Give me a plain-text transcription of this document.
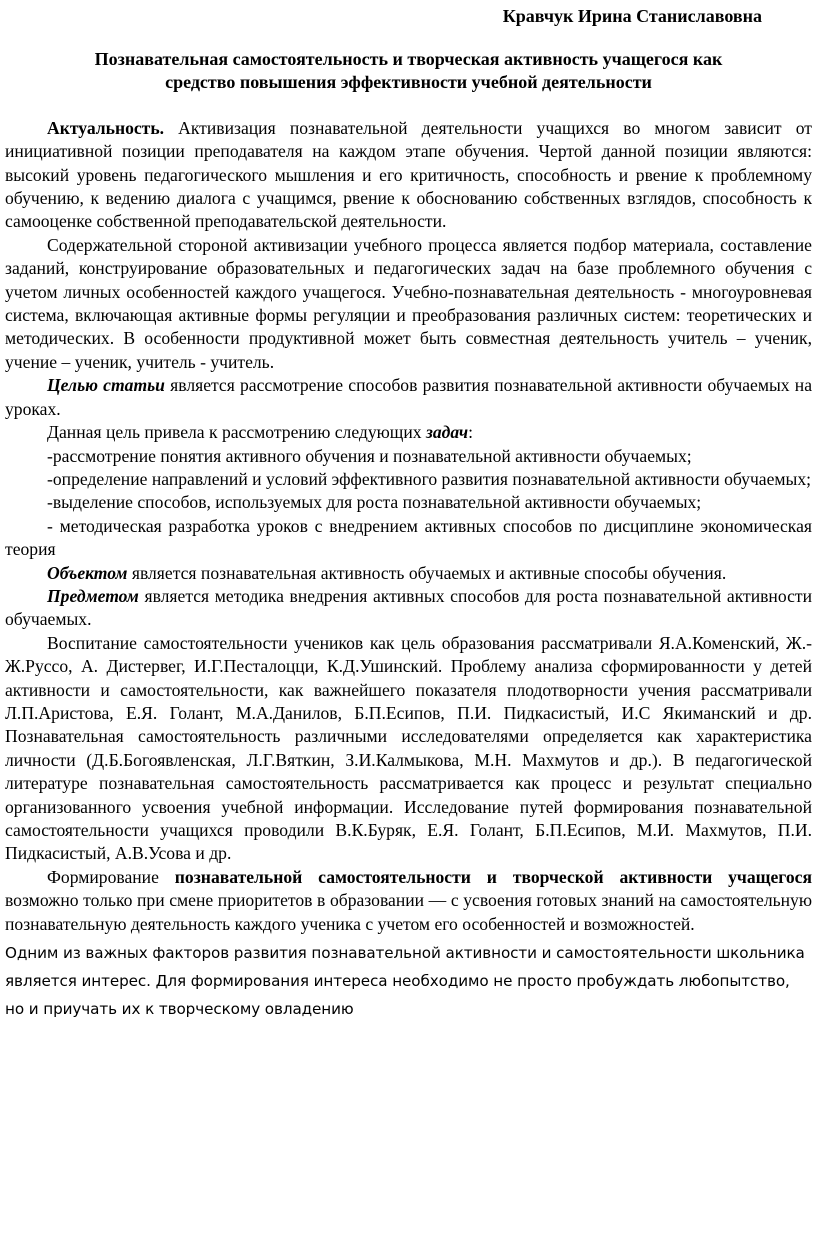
Кравчук Ирина Станиславовна
Познавательная самостоятельность и творческая активность учащегося как
средство повышения эффективности учебной деятельности

Актуальность. Активизация познавательной деятельности учащихся во многом зависит от инициативной позиции преподавателя на каждом этапе обучения. Чертой данной позиции являются: высокий уровень педагогического мышления и его критичность, способность и рвение к проблемному обучению, к ведению диалога с учащимся, рвение к обоснованию собственных взглядов, способность к самооценке собственной преподавательской деятельности.

Содержательной стороной активизации учебного процесса является подбор материала, составление заданий, конструирование образовательных и педагогических задач на базе проблемного обучения с учетом личных особенностей каждого учащегося. Учебно-познавательная деятельность - многоуровневая система, включающая активные формы регуляции и преобразования различных систем: теоретических и методических. В особенности продуктивной может быть совместная деятельность учитель – ученик, учение – ученик, учитель - учитель.

Целью статьи является рассмотрение способов развития познавательной активности обучаемых на уроках.

Данная цель привела к рассмотрению следующих задач:

-рассмотрение понятия активного обучения и познавательной активности обучаемых;

-определение направлений и условий эффективного развития познавательной активности обучаемых;

-выделение способов, используемых для роста познавательной активности обучаемых;

- методическая разработка уроков с внедрением активных способов по дисциплине экономическая теория

Объектом является познавательная активность обучаемых и активные способы обучения.

Предметом является методика внедрения активных способов для роста познавательной активности обучаемых.

Воспитание самостоятельности учеников как цель образования рассматривали Я.А.Коменский, Ж.-Ж.Руссо, А. Дистервег, И.Г.Песталоцци, К.Д.Ушинский. Проблему анализа сформированности у детей активности и самостоятельности, как важнейшего показателя плодотворности учения рассматривали Л.П.Аристова, Е.Я. Голант, М.А.Данилов, Б.П.Есипов, П.И. Пидкасистый, И.С Якиманский и др. Познавательная самостоятельность различными исследователями определяется как характеристика личности (Д.Б.Богоявленская, Л.Г.Вяткин, З.И.Калмыкова, М.Н. Махмутов и др.). В педагогической литературе познавательная самостоятельность рассматривается как процесс и результат специально организованного усвоения учебной информации. Исследование путей формирования познавательной самостоятельности учащихся проводили В.К.Буряк, Е.Я. Голант, Б.П.Есипов, М.И. Махмутов, П.И. Пидкасистый, А.В.Усова и др.

Формирование познавательной самостоятельности и творческой активности учащегося возможно только при смене приоритетов в образовании — с усвоения готовых знаний на самостоятельную познавательную деятельность каждого ученика с учетом его особенностей и возможностей.

Одним из важных факторов развития познавательной активности и самостоятельности школьника

является интерес. Для формирования интереса необходимо не просто пробуждать любопытство,

но и приучать их к творческому овладению
